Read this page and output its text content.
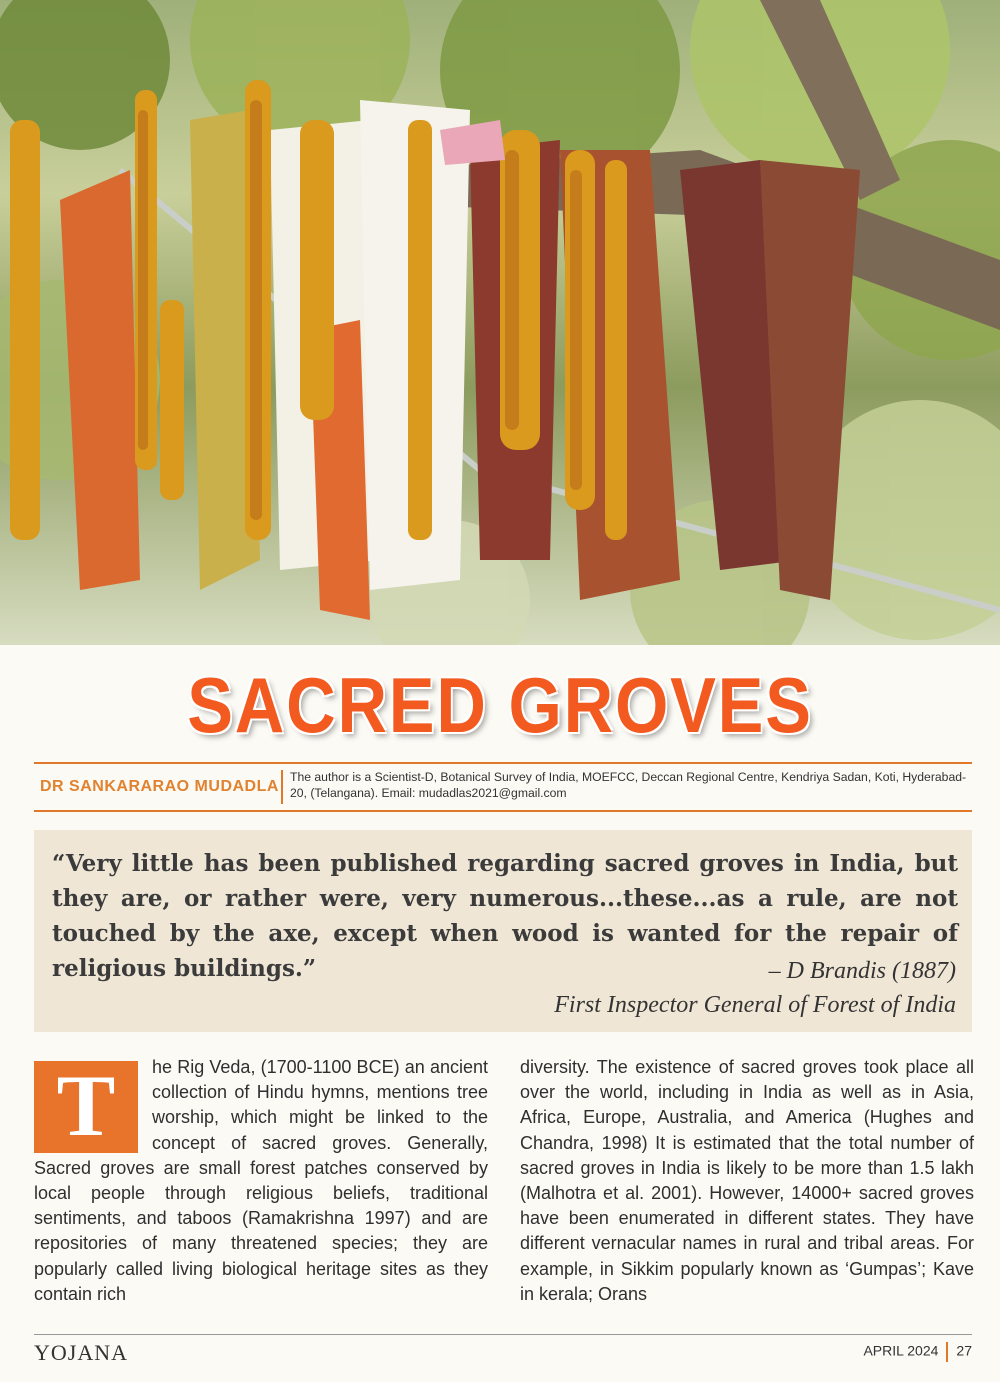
SACRED GROVES
DR SANKARARAO MUDADLA
The author is a Scientist-D, Botanical Survey of India, MOEFCC, Deccan Regional Centre, Kendriya Sadan, Koti, Hyderabad-20, (Telangana). Email: mudadlas2021@gmail.com
“Very little has been published regarding sacred groves in India, but they are, or rather were, very numerous...these...as a rule, are not touched by the axe, except when wood is wanted for the repair of religious buildings.”	– D Brandis (1887)
First Inspector General of Forest of India
T	he Rig Veda, (1700-1100 BCE) an ancient collection of Hindu hymns, mentions tree worship, which might be linked to the concept of sacred groves. Generally, Sacred groves are small forest patches conserved by local people through religious beliefs, traditional sentiments, and taboos (Ramakrishna 1997) and are repositories of many threatened species; they are popularly called living biological heritage sites as they contain rich
diversity. The existence of sacred groves took place all over the world, including in India as well as in Asia, Africa, Europe, Australia, and America (Hughes and Chandra, 1998) It is estimated that the total number of sacred groves in India is likely to be more than 1.5 lakh (Malhotra et al. 2001). However, 14000+ sacred groves have been enumerated in different states. They have different vernacular names in rural and tribal areas. For example, in Sikkim popularly known as ‘Gumpas’; Kave in kerala; Orans
YOJANA	APRIL 2024 27
